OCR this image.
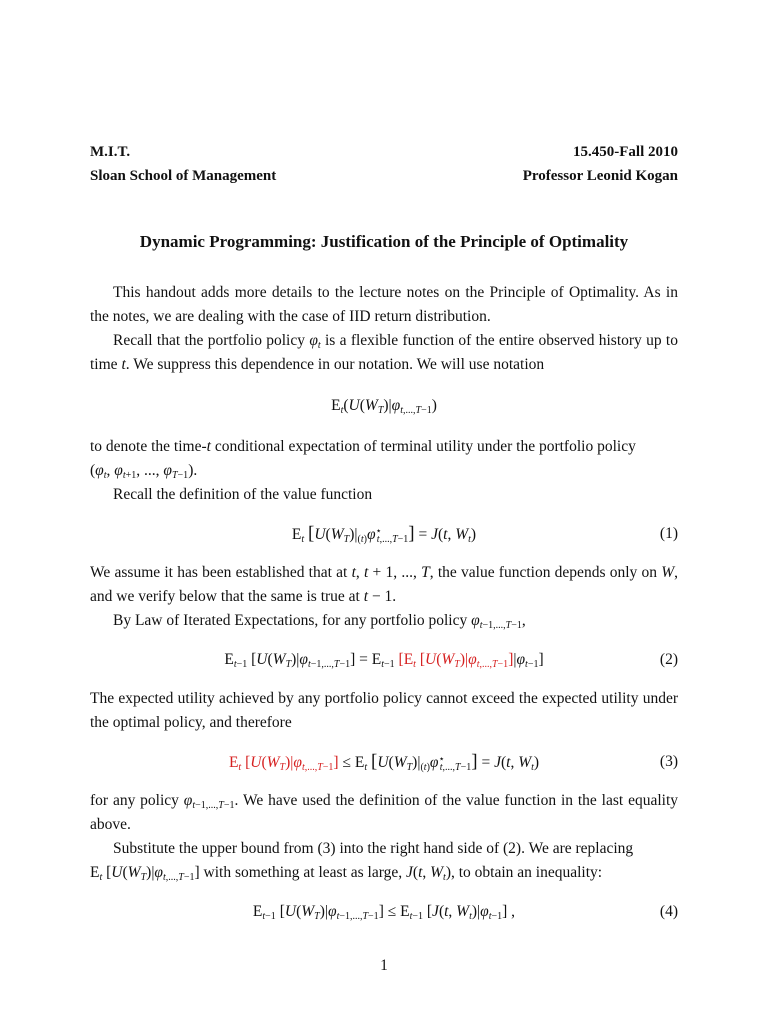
M.I.T.
Sloan School of Management
15.450-Fall 2010
Professor Leonid Kogan
Dynamic Programming: Justification of the Principle of Optimality

This handout adds more details to the lecture notes on the Principle of Optimality. As in the notes, we are dealing with the case of IID return distribution.

Recall that the portfolio policy $\varphi_t$ is a flexible function of the entire observed history up to time t. We suppress this dependence in our notation. We will use notation

$E_t(U(W_T)|\varphi_{t,...,T-1})$

to denote the time-t conditional expectation of terminal utility under the portfolio policy

($\varphi_t$, $\varphi_{t+1}$, ..., $\varphi_{T-1}$).

Recall the definition of the value function

$E_t$ $[U(W_T)|_{(t)}\varphi^⋆_{t,...,T-1}] = J(t$, $W_t$)	(1)

We assume it has been established that at t, t + 1, ..., T, the value function depends only on W, and we verify below that the same is true at t − 1.

By Law of Iterated Expectations, for any portfolio policy $\varphi_{t-1,...,T-1}$,

$E_{t-1}$ $[U(W_T)|\varphi_{t-1,...,T-1}] = E_{t-1}$ [$E_t$ $[U(W_T)|\varphi_{t,...,T-1}]|\varphi_{t-1}$]	(2)

The expected utility achieved by any portfolio policy cannot exceed the expected utility under the optimal policy, and therefore

$E_t$ $[U(W_T)|\varphi_{t,...,T-1}] \le E_t$ $[U(W_T)|_{(t)}\varphi^⋆_{t,...,T-1}] = J(t$, $W_t$)	(3)

for any policy $\varphi_{t-1,...,T-1}$. We have used the definition of the value function in the last equality above.

Substitute the upper bound from (3) into the right hand side of (2). We are replacing

$E_t$ $[U(W_T)|\varphi_{t,...,T-1}]$ with something at least as large, J(t, $W_t$), to obtain an inequality:

$E_{t-1}$ $[U(W_T)|\varphi_{t-1,...,T-1}] \le E_{t-1}$ [J(t, $W_t)|\varphi_{t-1}$] ,	(4)
1
